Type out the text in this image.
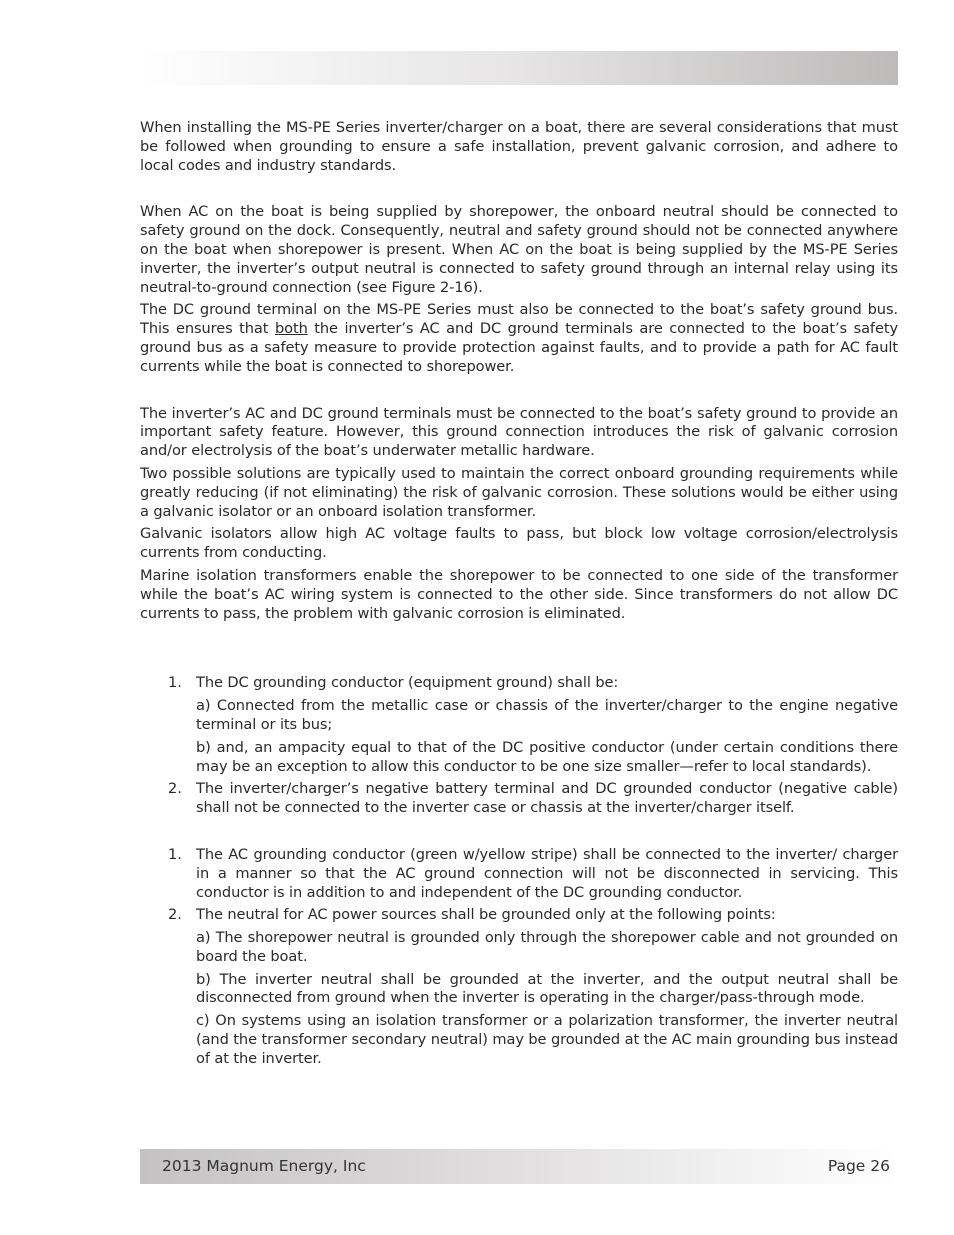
When installing the MS-PE Series inverter/charger on a boat, there are several considerations that must be followed when grounding to ensure a safe installation, prevent galvanic corrosion, and adhere to local codes and industry standards.

When AC on the boat is being supplied by shorepower, the onboard neutral should be connected to safety ground on the dock. Consequently, neutral and safety ground should not be connected anywhere on the boat when shorepower is present. When AC on the boat is being supplied by the MS-PE Series inverter, the inverter’s output neutral is connected to safety ground through an internal relay using its neutral-to-ground connection (see Figure 2-16).

The DC ground terminal on the MS-PE Series must also be connected to the boat’s safety ground bus. This ensures that both the inverter’s AC and DC ground terminals are connected to the boat’s safety ground bus as a safety measure to provide protection against faults, and to provide a path for AC fault currents while the boat is connected to shorepower.

The inverter’s AC and DC ground terminals must be connected to the boat’s safety ground to provide an important safety feature. However, this ground connection introduces the risk of galvanic corrosion and/or electrolysis of the boat’s underwater metallic hardware.

Two possible solutions are typically used to maintain the correct onboard grounding requirements while greatly reducing (if not eliminating) the risk of galvanic corrosion. These solutions would be either using a galvanic isolator or an onboard isolation transformer.

Galvanic isolators allow high AC voltage faults to pass, but block low voltage corrosion/electrolysis currents from conducting.

Marine isolation transformers enable the shorepower to be connected to one side of the transformer while the boat’s AC wiring system is connected to the other side. Since transformers do not allow DC currents to pass, the problem with galvanic corrosion is eliminated.

1. The DC grounding conductor (equipment ground) shall be:

a) Connected from the metallic case or chassis of the inverter/charger to the engine negative terminal or its bus;

b) and, an ampacity equal to that of the DC positive conductor (under certain conditions there may be an exception to allow this conductor to be one size smaller—refer to local standards).

2. The inverter/charger’s negative battery terminal and DC grounded conductor (negative cable) shall not be connected to the inverter case or chassis at the inverter/charger itself.

1. The AC grounding conductor (green w/yellow stripe) shall be connected to the inverter/ charger in a manner so that the AC ground connection will not be disconnected in servicing. This conductor is in addition to and independent of the DC grounding conductor.

2. The neutral for AC power sources shall be grounded only at the following points:

a) The shorepower neutral is grounded only through the shorepower cable and not grounded on board the boat.

b) The inverter neutral shall be grounded at the inverter, and the output neutral shall be disconnected from ground when the inverter is operating in the charger/pass-through mode.

c) On systems using an isolation transformer or a polarization transformer, the inverter neutral (and the transformer secondary neutral) may be grounded at the AC main grounding bus instead of at the inverter.

2013 Magnum Energy, Inc	Page 26
